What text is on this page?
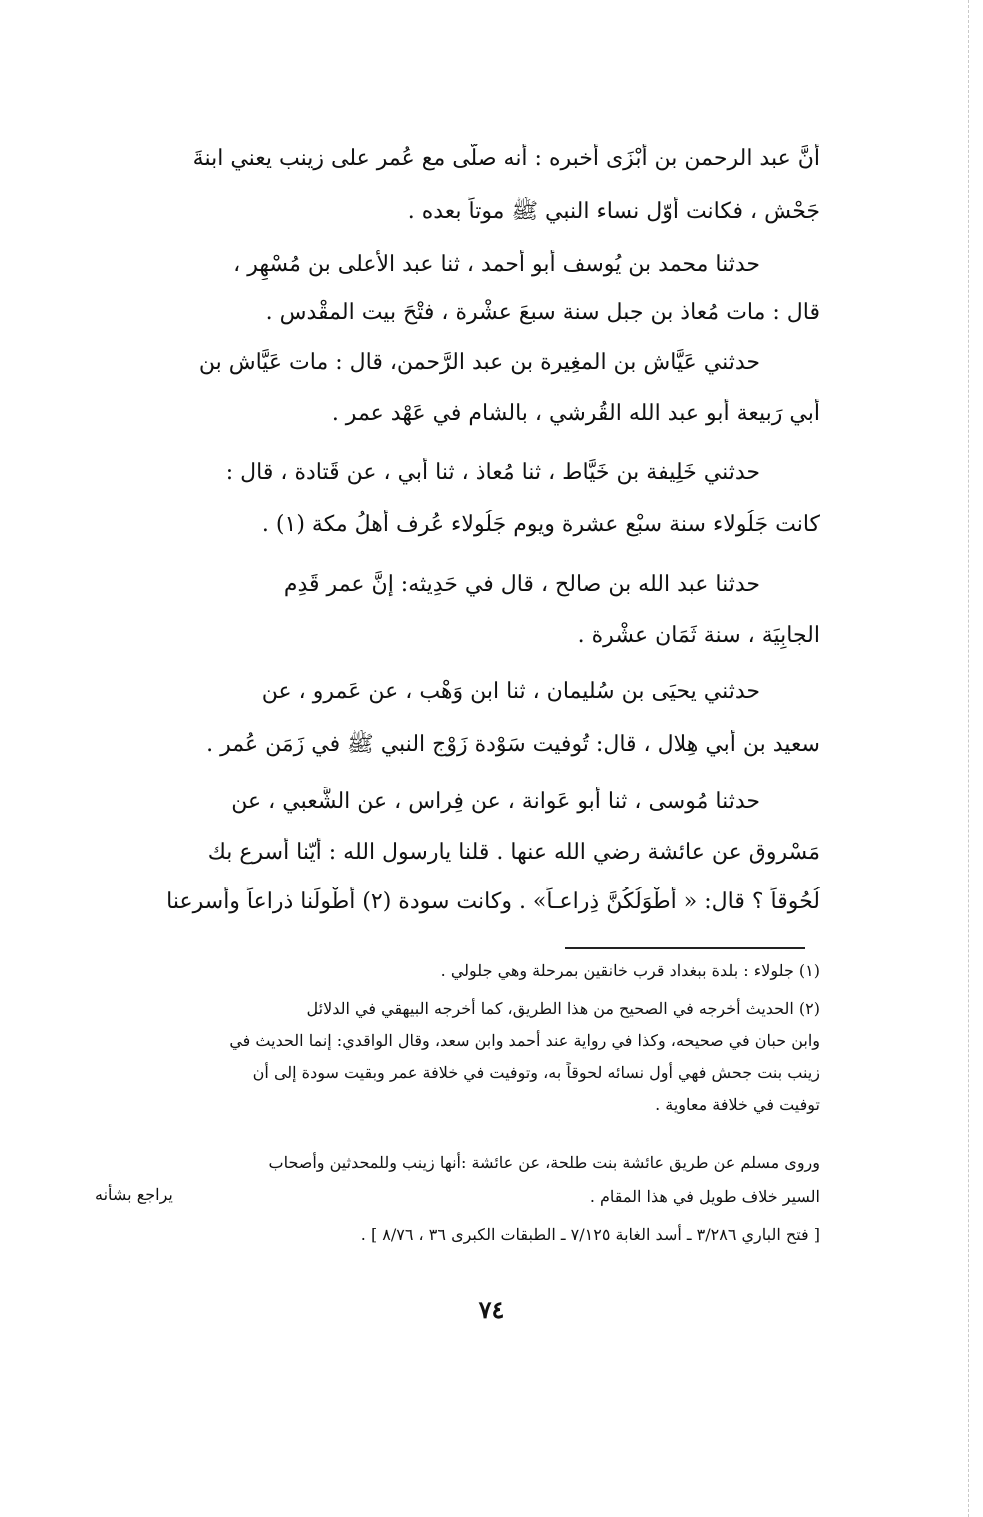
أنَّ عبد الرحمن بن أَبْزَى أخبره : أنه صلَّى مع عُمر على زينب يعني ابنةَ
جَحْش ، فكانت أوّل نساء النبي ﷺ موتاً بعده .
حدثنا محمد بن يُوسف أبو أحمد ، ثنا عبد الأعلى بن مُسْهِر ،
قال : مات مُعاذ بن جبل سنة سبعَ عشْرة ، فتْحَ بيت المقْدس .
حدثني عَيَّاش بن المغِيرة بن عبد الرَّحمن، قال : مات عَيَّاش بن
أبي رَبيعة أبو عبد الله القُرشي ، بالشام في عَهْد عمر .
حدثني خَلِيفة بن خَيَّاط ، ثنا مُعاذ ، ثنا أبي ، عن قَتادة ، قال :
كانت جَلُولاء سنة سبْع عشرة ويوم جَلُولاء عُرف أهلُ مكة (١) .
حدثنا عبد الله بن صالح ، قال في حَدِيثه: إنَّ عمر قَدِم
الجابِيَة ، سنة ثَمَان عشْرة .
حدثني يحيَى بن سُليمان ، ثنا ابن وَهْب ، عن عَمرو ، عن
سعيد بن أبي هِلال ، قال: تُوفيت سَوْدة زَوْج النبي ﷺ في زَمَن عُمر .
حدثنا مُوسى ، ثنا أبو عَوانة ، عن فِراس ، عن الشَّعبي ، عن
مَسْروق عن عائشة رضي الله عنها . قلنا يارسول الله : أيّنا أسرع بك
لُحُوقاً ؟ قال: « أَطْوَلُكُنَّ ذِراعـاً» . وكانت سودة (٢) أطْولَنا ذراعاً وأسرعنا
(١) جلولاء : بلدة ببغداد قرب خانقين بمرحلة وهي جلولي .
(٢) الحديث أخرجه في الصحيح من هذا الطريق، كما أخرجه البيهقي في الدلائل
وابن حبان في صحيحه، وكذا في رواية عند أحمد وابن سعد، وقال الواقدي: إنما الحديث في
زينب بنت جحش فهي أول نسائه لحوقاً به، وتوفيت في خلافة عمر وبقيت سودة إلى أن
توفيت في خلافة معاوية .
وروى مسلم عن طريق عائشة بنت طلحة، عن عائشة :أنها زينب وللمحدثين وأصحاب
يراجع بشأنه	السير خلاف طويل في هذا المقام .
[ فتح الباري ٣/٢٨٦ ـ أسد الغابة ٧/١٢٥ ـ الطبقات الكبرى ٣٦ ، ٨/٧٦ ] .
٧٤
